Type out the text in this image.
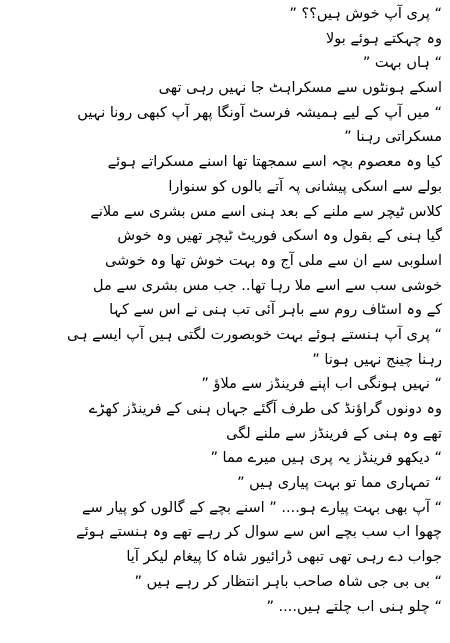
“ پری آپ خوش ہیں؟؟ ”
وہ چہکتے ہوئے بولا
“ ہاں بہت ”
اسکے ہونٹوں سے مسکراہٹ جا نہیں رہی تھی
“ میں آپ کے لیے ہمیشہ فرسٹ آونگا پھر آپ کبھی رونا نہیں
مسکراتی رہنا ”
کیا وہ معصوم بچہ اسے سمجھتا تھا اسنے مسکراتے ہوئے
بولے سے اسکی پیشانی پہ آتے بالوں کو سنوارا
کلاس ٹیچر سے ملنے کے بعد ہنی اسے مس بشری سے ملانے
گیا ہنی کے بقول وہ اسکی فوریٹ ٹیچر تھیں وہ خوش
اسلوبی سے ان سے ملی آج وہ بہت خوش تھا وہ خوشی
خوشی سب سے اسے ملا رہا تھا.. جب مس بشری سے مل
کے وہ اسٹاف روم سے باہر آئی تب ہنی نے اس سے کہا
“ پری آپ ہنستے ہوئے بہت خوبصورت لگتی ہیں آپ ایسے ہی
رہنا چینج نہیں ہونا ”
“ نہیں ہونگی اب اپنے فرینڈز سے ملاؤ ”
وہ دونوں گراؤنڈ کی طرف آگئے جہاں ہنی کے فرینڈز کھڑے
تھے وہ ہنی کے فرینڈز سے ملنے لگی
“ دیکھو فرینڈز یہ پری ہیں میرے مما ”
“ تمہاری مما تو بہت پیاری ہیں ”
“ آپ بھی بہت پیارے ہو.... ” اسنے بچے کے گالوں کو پیار سے
چھوا اب سب بچے اس سے سوال کر رہے تھے وہ ہنستے ہوئے
جواب دے رہی تھی تبھی ڈرائیور شاہ کا پیغام لیکر آیا
“ بی بی جی شاہ صاحب باہر انتظار کر رہے ہیں ”
“ چلو ہنی اب چلتے ہیں.... ”
